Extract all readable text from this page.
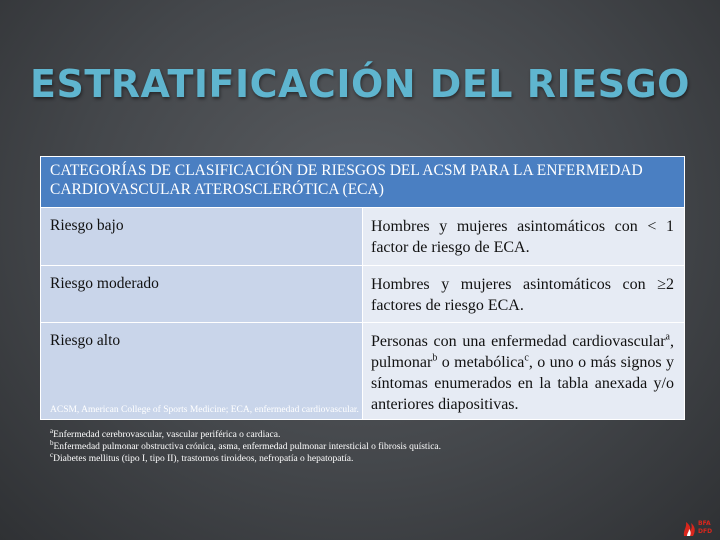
ESTRATIFICACIÓN DEL RIESGO
CATEGORÍAS DE CLASIFICACIÓN DE RIESGOS DEL ACSM PARA LA ENFERMEDAD CARDIOVASCULAR ATEROSCLERÓTICA (ECA)	
Riesgo bajo	Hombres y mujeres asintomáticos con < 1 factor de riesgo de ECA.
Riesgo moderado	Hombres y mujeres asintomáticos con ≥2 factores de riesgo ECA.
Riesgo alto	Personas con una enfermedad cardiovascular$^a$, pulmonar$^b$ o metabólica$^c$, o uno o más signos y síntomas enumerados en la tabla anexada y/o anteriores diapositivas.
ACSM, American College of Sports Medicine; ECA, enfermedad cardiovascular.
$^a$Enfermedad cerebrovascular, vascular periférica o cardiaca.
$^b$Enfermedad pulmonar obstructiva crónica, asma, enfermedad pulmonar intersticial o fibrosis quística.
$^c$Diabetes mellitus (tipo I, tipo II), trastornos tiroideos, nefropatía o hepatopatía.
BFA
DFD
